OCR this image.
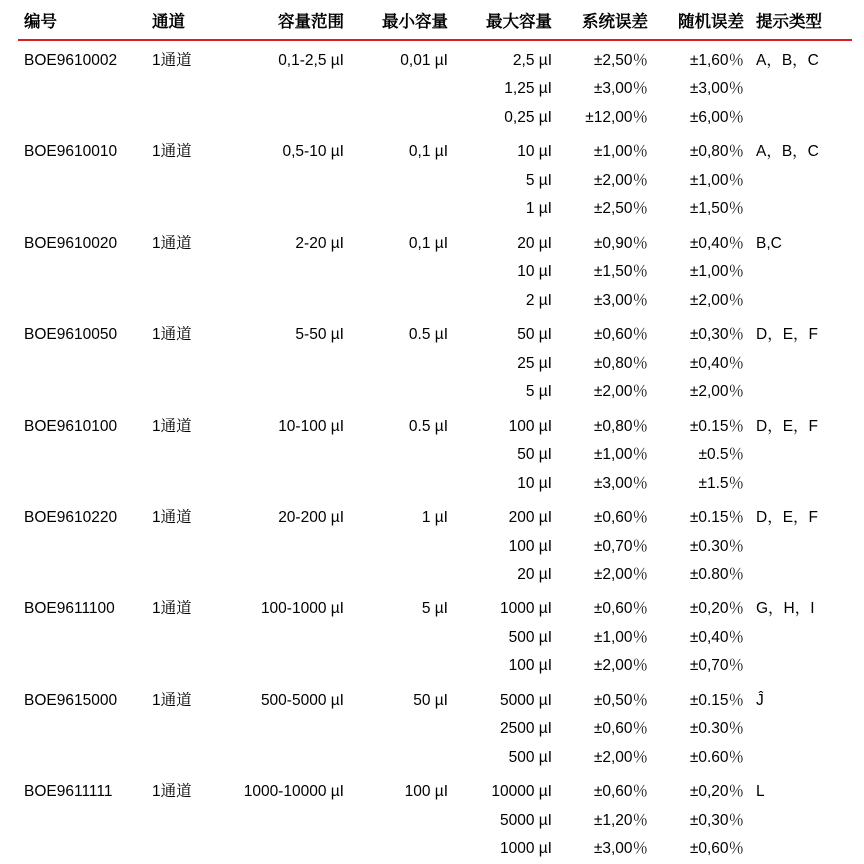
编号	通道	容量范围	最小容量	最大容量	系统误差	随机误差	提示类型
BOE9610002	1通道	0,1-2,5 µI	0,01 µI	2,5 µI	±2,50％	±1,60％	A，B，C
				1,25 µI	±3,00％	±3,00％	
				0,25 µI	±12,00％	±6,00％	
BOE9610010	1通道	0,5-10 µI	0,1 µI	10 µI	±1,00％	±0,80％	A，B，C
				5 µI	±2,00％	±1,00％	
				1 µI	±2,50％	±1,50％	
BOE9610020	1通道	2-20 µI	0,1 µI	20 µI	±0,90％	±0,40％	B,C
				10 µI	±1,50％	±1,00％	
				2 µI	±3,00％	±2,00％	
BOE9610050	1通道	5-50 µI	0.5 µI	50 µI	±0,60％	±0,30％	D，E，F
				25 µI	±0,80％	±0,40％	
				5 µI	±2,00％	±2,00％	
BOE9610100	1通道	10-100 µI	0.5 µI	100 µI	±0,80％	±0.15％	D，E，F
				50 µI	±1,00％	±0.5％	
				10 µI	±3,00％	±1.5％	
BOE9610220	1通道	20-200 µI	1 µI	200 µI	±0,60％	±0.15％	D，E，F
				100 µI	±0,70％	±0.30％	
				20 µI	±2,00％	±0.80％	
BOE9611100	1通道	100-1000 µI	5 µI	1000 µI	±0,60％	±0,20％	G，H，I
				500 µI	±1,00％	±0,40％	
				100 µI	±2,00％	±0,70％	
BOE9615000	1通道	500-5000 µI	50 µI	5000 µI	±0,50％	±0.15％	Ĵ
				2500 µI	±0,60％	±0.30％	
				500 µI	±2,00％	±0.60％	
BOE9611111	1通道	1000-10000 µI	100 µI	10000 µI	±0,60％	±0,20％	L
				5000 µI	±1,20％	±0,30％	
				1000 µI	±3,00％	±0,60％	
